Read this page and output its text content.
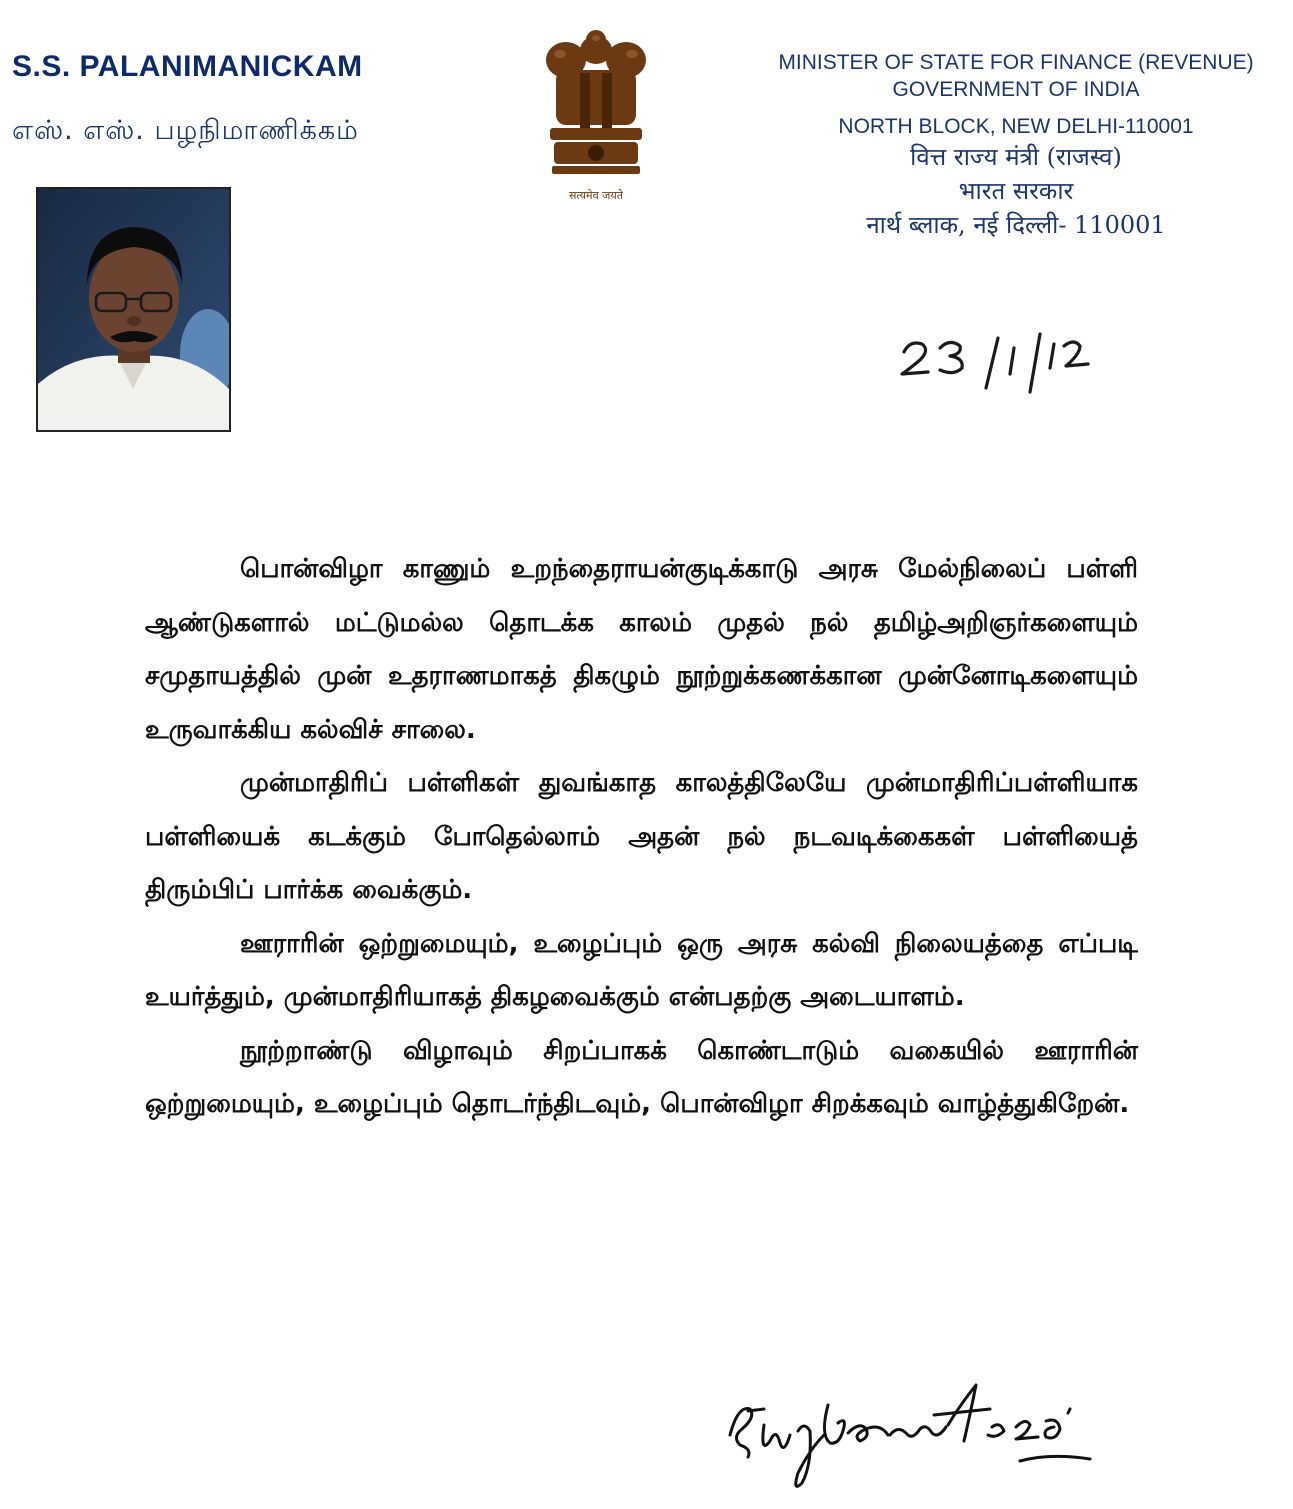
S.S. PALANIMANICKAM
எஸ். எஸ். பழநிமாணிக்கம்
सत्यमेव जयते
MINISTER OF STATE FOR FINANCE (REVENUE)
GOVERNMENT OF INDIA
NORTH BLOCK, NEW DELHI-110001
वित्त राज्य मंत्री (राजस्व)
भारत सरकार
नार्थ ब्लाक, नई दिल्ली- 110001

பொன்விழா காணும் உறந்தைராயன்குடிக்காடு அரசு மேல்நிலைப் பள்ளி ஆண்டுகளால் மட்டுமல்ல தொடக்க காலம் முதல் நல் தமிழ்அறிஞர்களையும் சமுதாயத்தில் முன் உதராணமாகத் திகழும் நூற்றுக்கணக்கான முன்னோடிகளையும் உருவாக்கிய கல்விச் சாலை.

முன்மாதிரிப் பள்ளிகள் துவங்காத காலத்திலேயே முன்மாதிரிப்பள்ளியாக பள்ளியைக் கடக்கும் போதெல்லாம் அதன் நல் நடவடிக்கைகள் பள்ளியைத் திரும்பிப் பார்க்க வைக்கும்.

ஊராரின் ஒற்றுமையும், உழைப்பும் ஒரு அரசு கல்வி நிலையத்தை எப்படி உயர்த்தும், முன்மாதிரியாகத் திகழவைக்கும் என்பதற்கு அடையாளம்.

நூற்றாண்டு விழாவும் சிறப்பாகக் கொண்டாடும் வகையில் ஊராரின் ஒற்றுமையும், உழைப்பும் தொடர்ந்திடவும், பொன்விழா சிறக்கவும் வாழ்த்துகிறேன்.
